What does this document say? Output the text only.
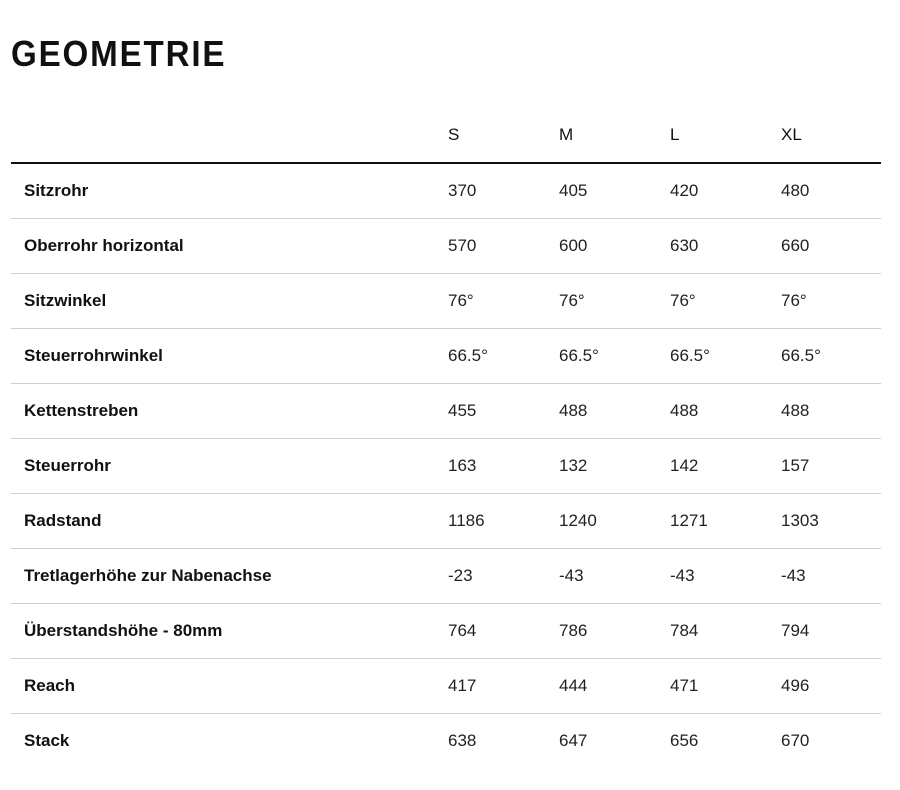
GEOMETRIE
	S	M	L	XL
Sitzrohr	370	405	420	480
Oberrohr horizontal	570	600	630	660
Sitzwinkel	76°	76°	76°	76°
Steuerrohrwinkel	66.5°	66.5°	66.5°	66.5°
Kettenstreben	455	488	488	488
Steuerrohr	163	132	142	157
Radstand	1186	1240	1271	1303
Tretlagerhöhe zur Nabenachse	-23	-43	-43	-43
Überstandshöhe - 80mm	764	786	784	794
Reach	417	444	471	496
Stack	638	647	656	670
